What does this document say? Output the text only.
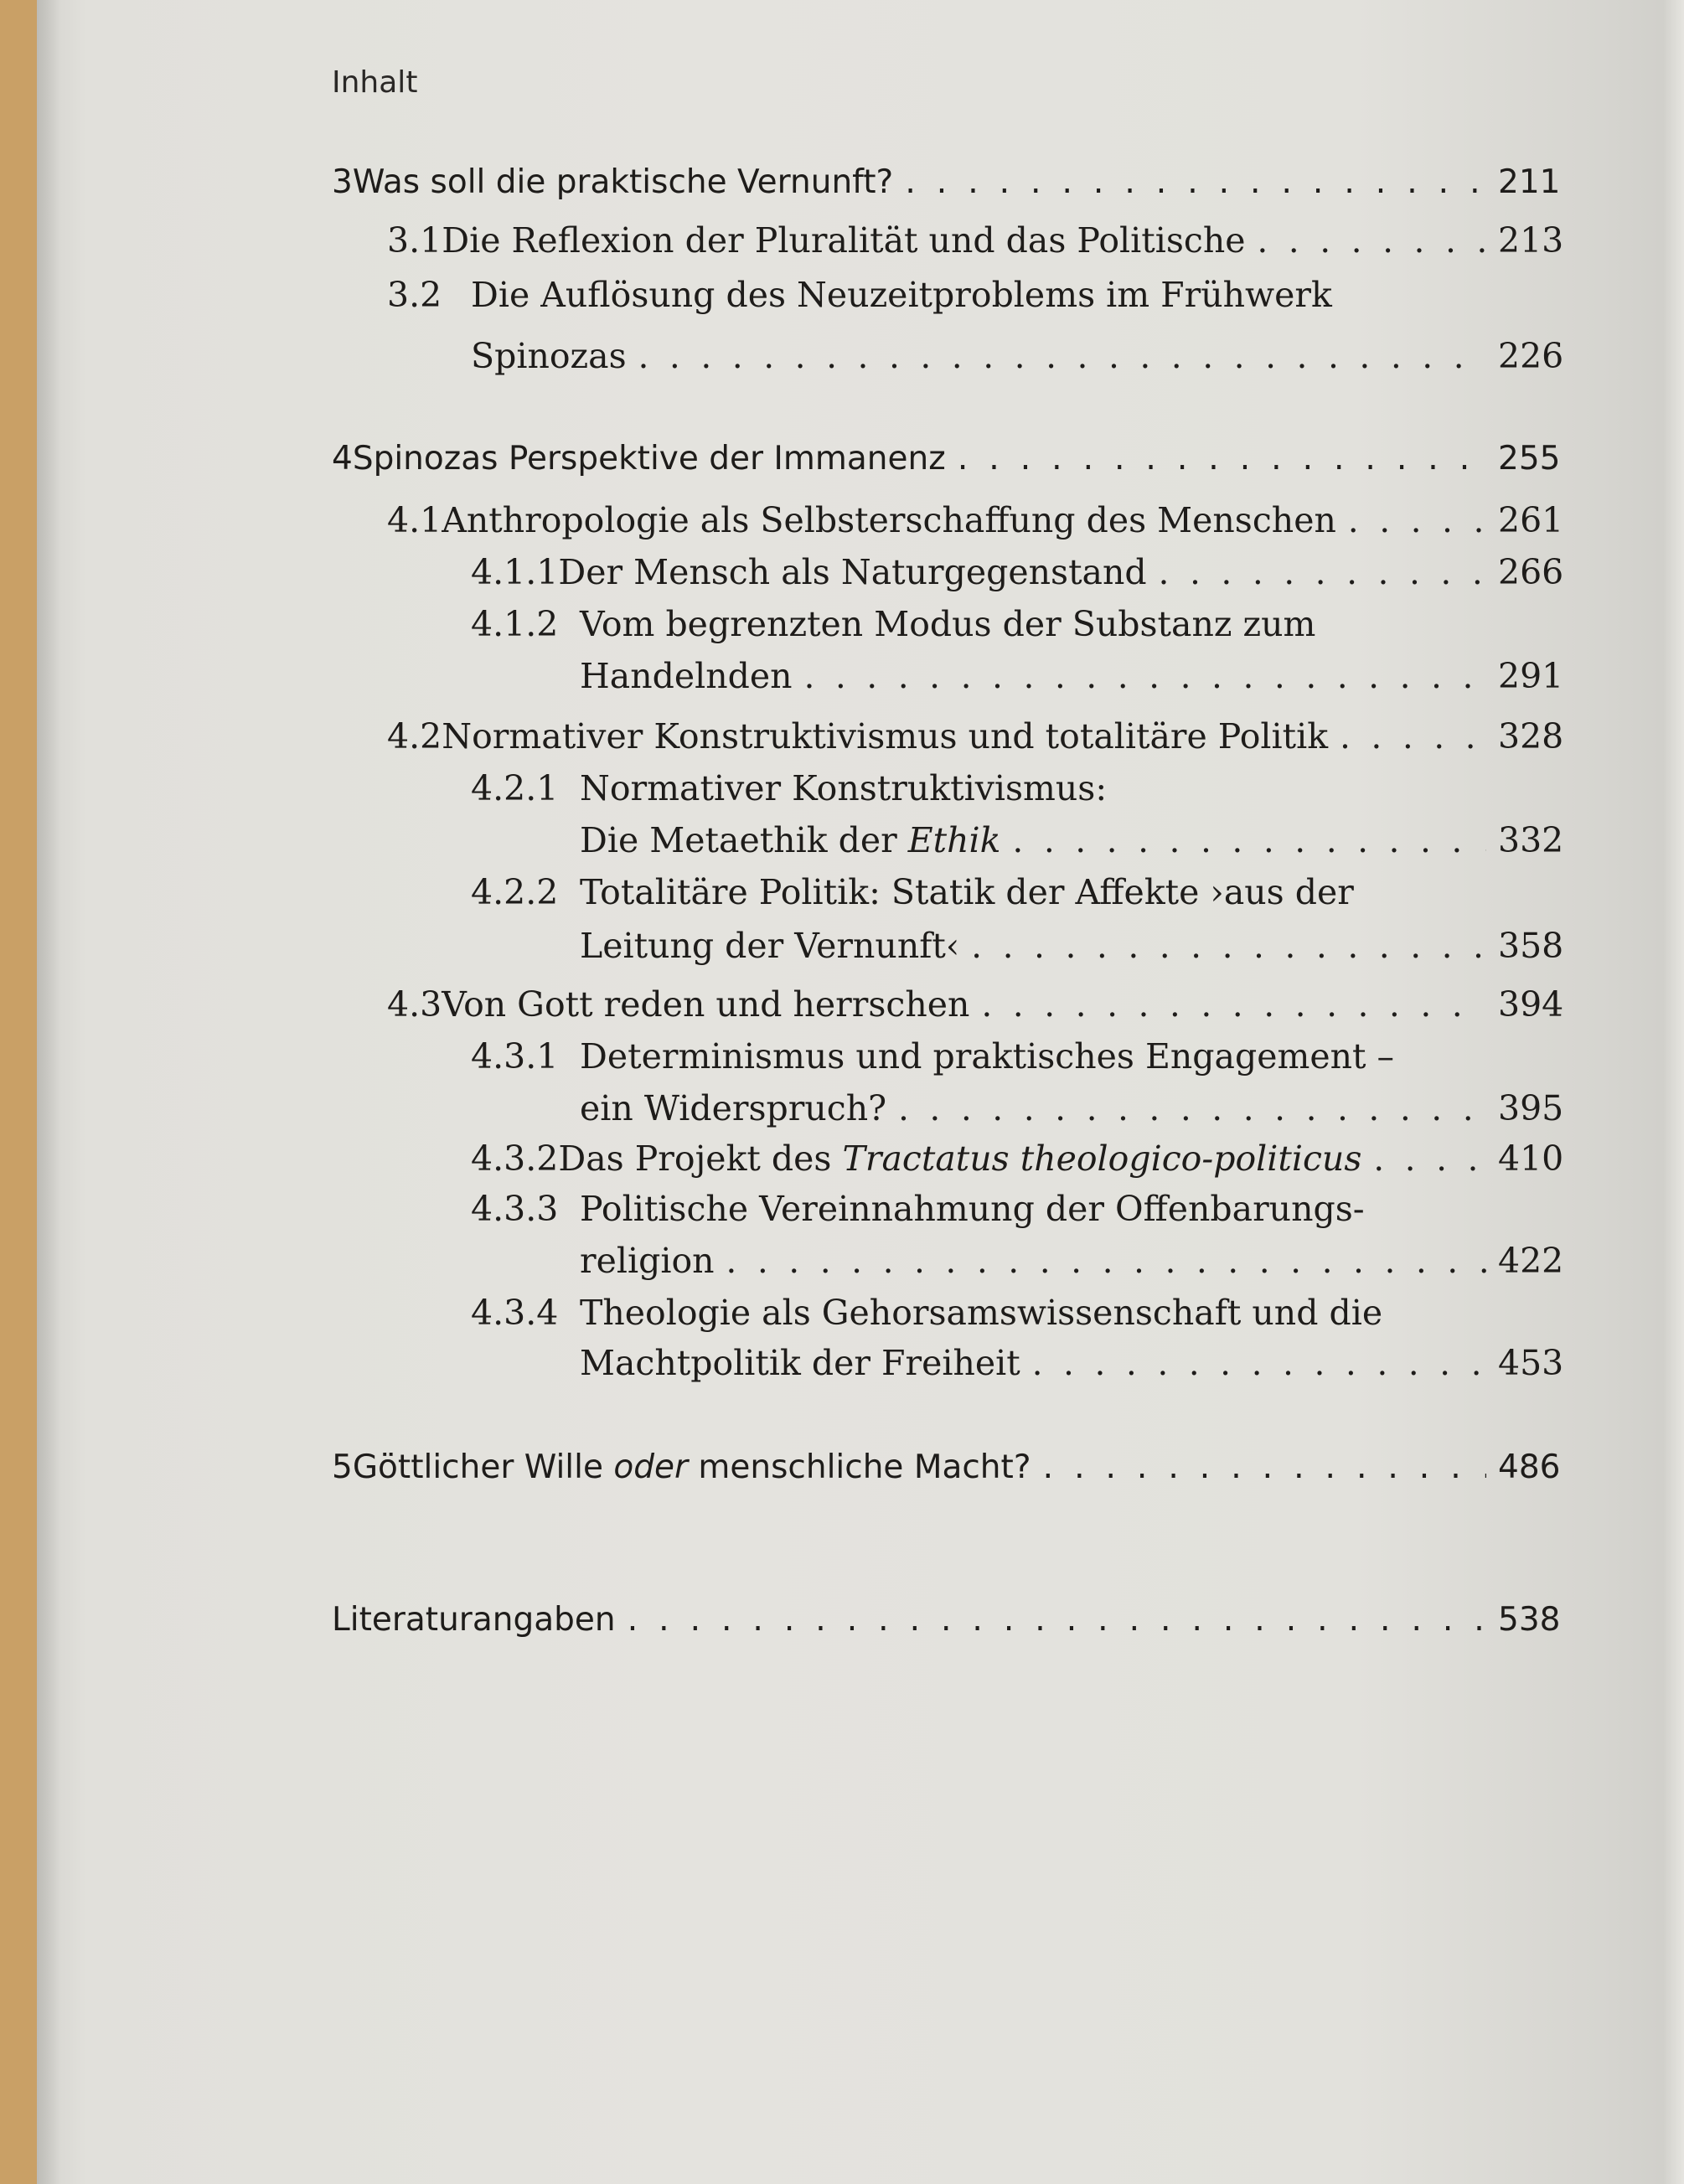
Inhalt
3 Was soll die praktische Vernunft? . . .	211
3.1 Die Reflexion der Pluralität und das Politische . . .	213
3.2 Die Auflösung des Neuzeitproblems im Frühwerk
Spinozas . . .	226
4 Spinozas Perspektive der Immanenz . . .	255
4.1 Anthropologie als Selbsterschaffung des Menschen . . .	261
4.1.1 Der Mensch als Naturgegenstand . . .	266
4.1.2 Vom begrenzten Modus der Substanz zum
Handelnden . . .	291
4.2 Normativer Konstruktivismus und totalitäre Politik . . .	328
4.2.1 Normativer Konstruktivismus:
Die Metaethik der Ethik . . .	332
4.2.2 Totalitäre Politik: Statik der Affekte ›aus der
Leitung der Vernunft‹ . . .	358
4.3 Von Gott reden und herrschen . . .	394
4.3.1 Determinismus und praktisches Engagement –
ein Widerspruch? . . .	395
4.3.2 Das Projekt des Tractatus theologico-politicus . . .	410
4.3.3 Politische Vereinnahmung der Offenbarungs-
religion . . .	422
4.3.4 Theologie als Gehorsamswissenschaft und die
Machtpolitik der Freiheit . . .	453
5 Göttlicher Wille oder menschliche Macht? . . .	486
Literaturangaben . . .	538
